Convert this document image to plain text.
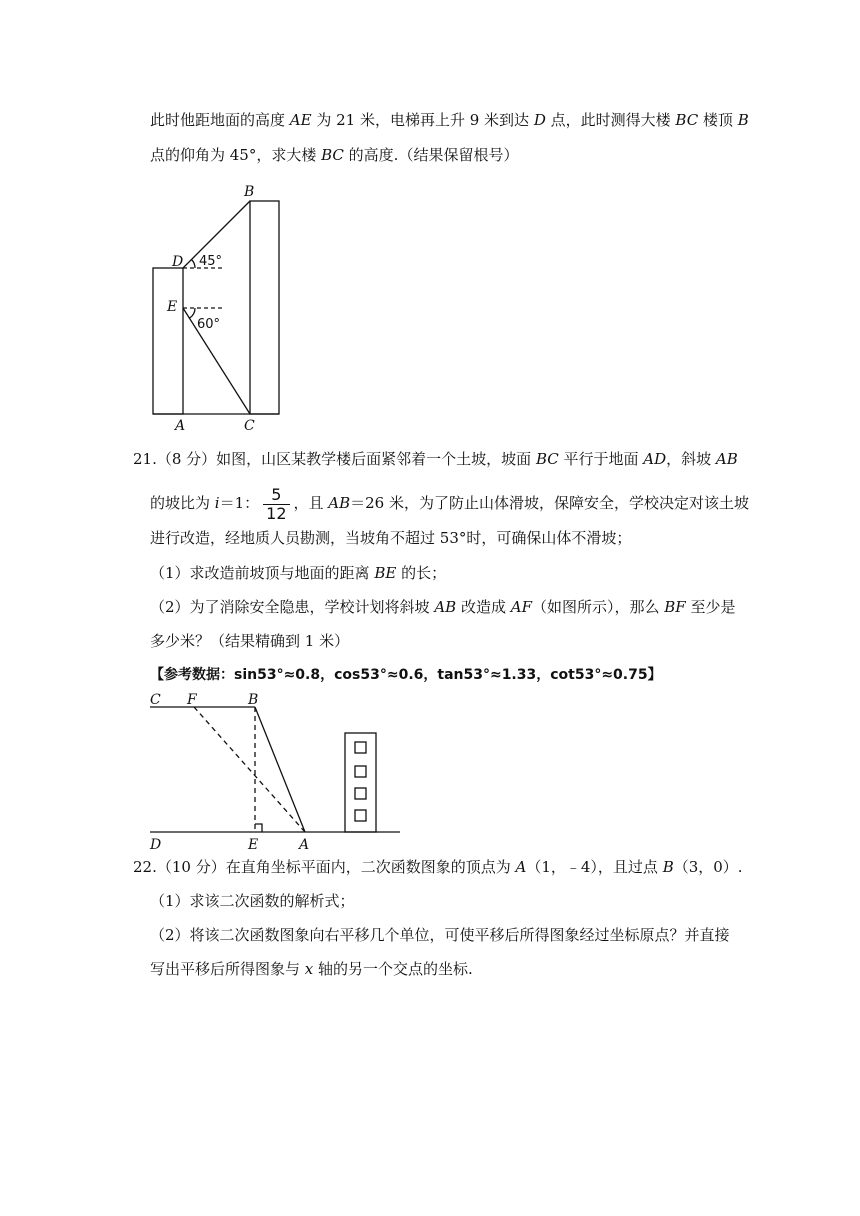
此时他距地面的高度 AE 为 21 米，电梯再上升 9 米到达 D 点，此时测得大楼 BC 楼顶 B
点的仰角为 45°，求大楼 BC 的高度.（结果保留根号）
B
D
E
A	C
45°
60°
21.（8 分）如图，山区某教学楼后面紧邻着一个土坡，坡面 BC 平行于地面 AD，斜坡 AB
的坡比为 i＝1： $\frac{5}{12}$ ，且 AB＝26 米，为了防止山体滑坡，保障安全，学校决定对该土坡
进行改造，经地质人员勘测，当坡角不超过 53°时，可确保山体不滑坡；
（1）求改造前坡顶与地面的距离 BE 的长；
（2）为了消除安全隐患，学校计划将斜坡 AB 改造成 AF（如图所示），那么 BF 至少是
多少米？（结果精确到 1 米）
【参考数据：sin53°≈0.8，cos53°≈0.6，tan53°≈1.33，cot53°≈0.75】
C F	B
D	E	A
22.（10 分）在直角坐标平面内，二次函数图象的顶点为 A（1，﹣4），且过点 B（3，0）.
（1）求该二次函数的解析式；
（2）将该二次函数图象向右平移几个单位，可使平移后所得图象经过坐标原点？并直接
写出平移后所得图象与 x 轴的另一个交点的坐标.
